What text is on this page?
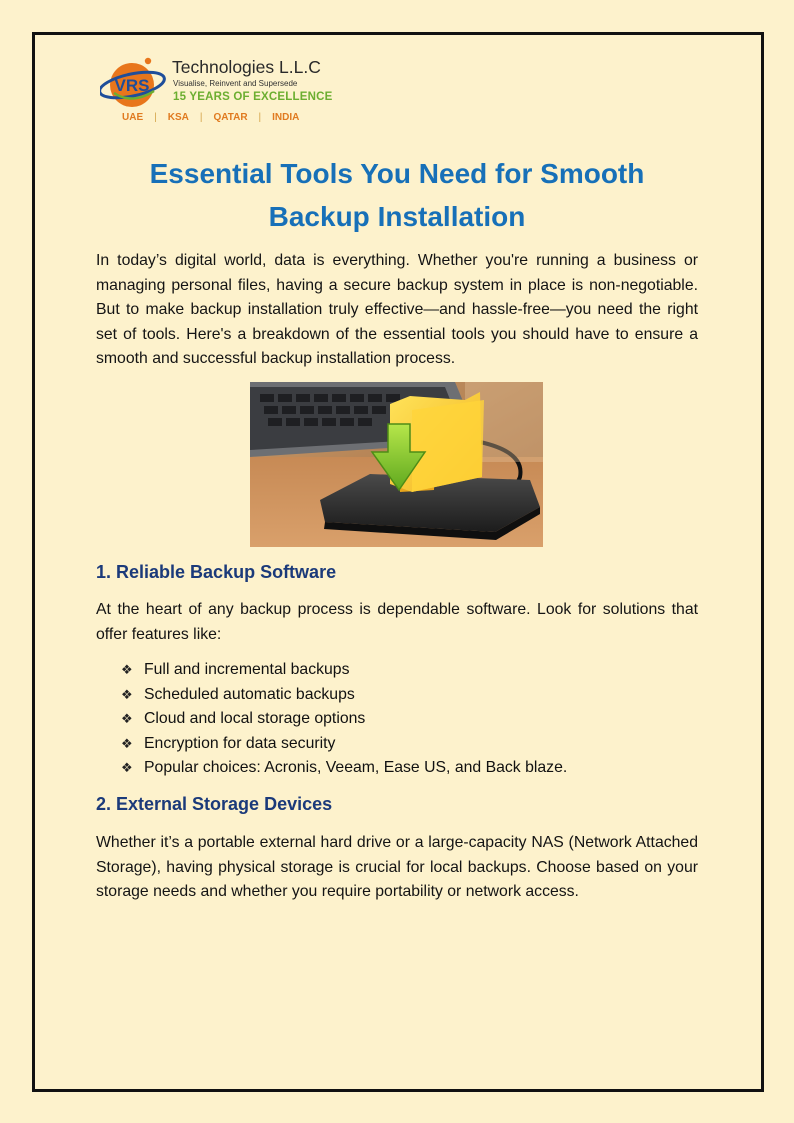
VRS
Technologies L.L.C
Visualise, Reinvent and Supersede
15 YEARS OF EXCELLENCE
UAE | KSA | QATAR | INDIA
Essential Tools You Need for Smooth Backup Installation

In today’s digital world, data is everything. Whether you're running a business or managing personal files, having a secure backup system in place is non-negotiable. But to make backup installation truly effective—and hassle-free—you need the right set of tools. Here's a breakdown of the essential tools you should have to ensure a smooth and successful backup installation process.

1. Reliable Backup Software

At the heart of any backup process is dependable software. Look for solutions that offer features like:

❖ Full and incremental backups
❖ Scheduled automatic backups
❖ Cloud and local storage options
❖ Encryption for data security
❖ Popular choices: Acronis, Veeam, Ease US, and Back blaze.
2. External Storage Devices

Whether it’s a portable external hard drive or a large-capacity NAS (Network Attached Storage), having physical storage is crucial for local backups. Choose based on your storage needs and whether you require portability or network access.
